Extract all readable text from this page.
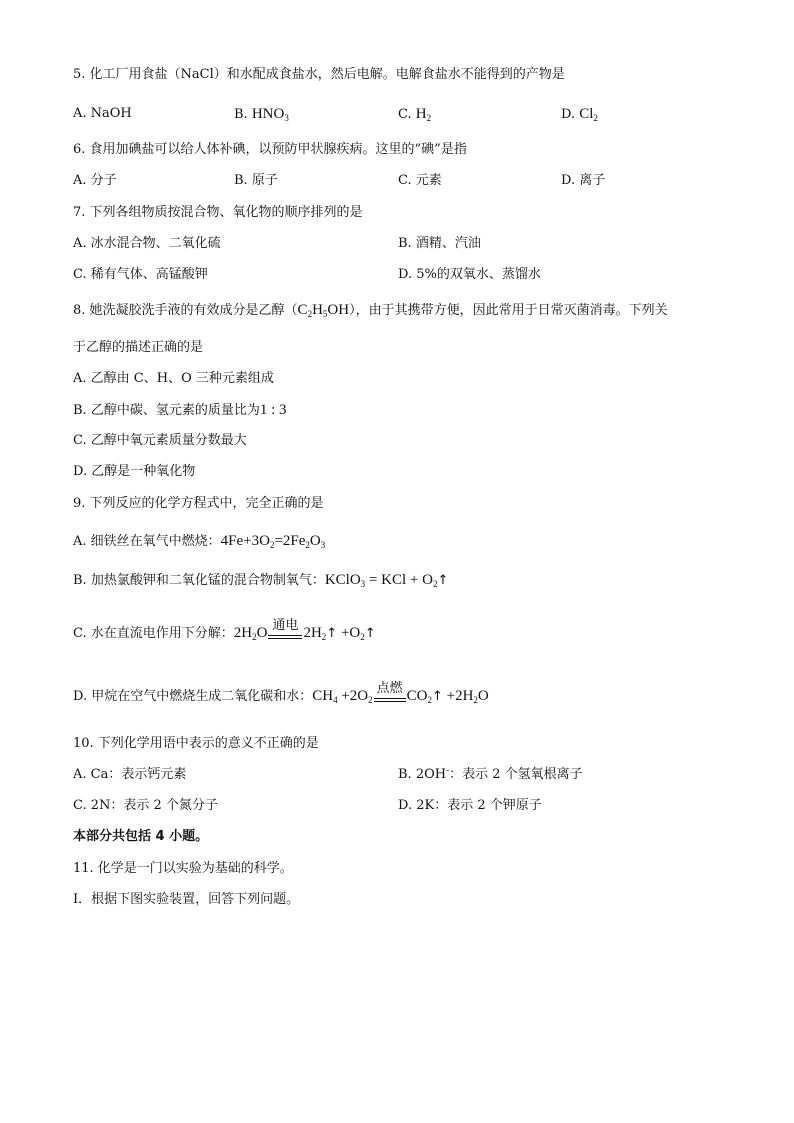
5. 化工厂用食盐（NaCl）和水配成食盐水，然后电解。电解食盐水不能得到的产物是
A. NaOH	B. $HNO_3$	C. $H_2$	D. $Cl_2$
6. 食用加碘盐可以给人体补碘，以预防甲状腺疾病。这里的“碘”是指
A. 分子	B. 原子	C. 元素	D. 离子
7. 下列各组物质按混合物、氧化物的顺序排列的是
A. 冰水混合物、二氧化硫	B. 酒精、汽油
C. 稀有气体、高锰酸钾	D. 5%的双氧水、蒸馏水
8. 她洗凝胶洗手液的有效成分是乙醇$(C_2H_5OH)$，由于其携带方便，因此常用于日常灭菌消毒。下列关
于乙醇的描述正确的是
A. 乙醇由 C、H、O 三种元素组成
B. 乙醇中碳、氢元素的质量比为1 : 3
C. 乙醇中氧元素质量分数最大
D. 乙醇是一种氧化物
9. 下列反应的化学方程式中，完全正确的是
A. 细铁丝在氧气中燃烧：$4Fe+3O_2=2Fe_2O_3$
B. 加热氯酸钾和二氧化锰的混合物制氧气：KClO$_3$ = KCl + $O_2↑$
C. 水在直流电作用下分解：$2H_2O$ 通电 $2H_2↑$ $+O_2↑$
D. 甲烷在空气中燃烧生成二氧化碳和水：$CH_4 +2O_2$
点燃 $CO_2↑ +2H_2O$
10. 下列化学用语中表示的意义不正确的是
A. Ca：表示钙元素	B. 2OH-：表示 2 个氢氧根离子
C. 2N：表示 2 个氮分子	D. 2K：表示 2 个钾原子
本部分共包括 4 小题。
11. 化学是一门以实验为基础的科学。
Ⅰ．根据下图实验装置，回答下列问题。
